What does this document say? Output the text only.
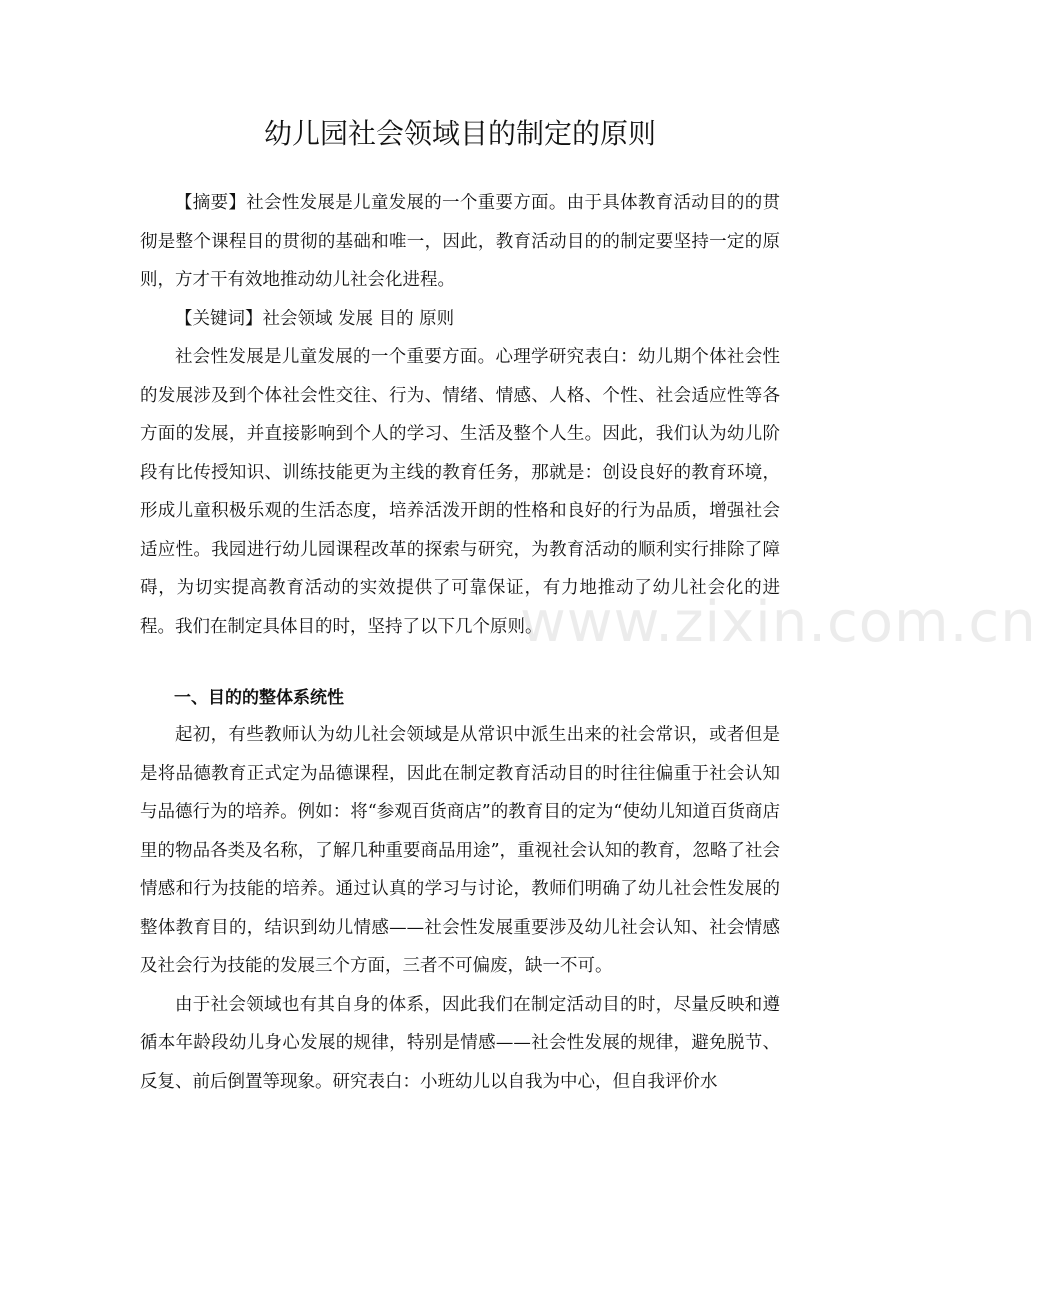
幼儿园社会领域目的制定的原则

【摘要】社会性发展是儿童发展的一个重要方面。由于具体教育活动目的的贯彻是整个课程目的贯彻的基础和唯一，因此，教育活动目的的制定要坚持一定的原则，方才干有效地推动幼儿社会化进程。

【关键词】社会领域 发展 目的 原则

社会性发展是儿童发展的一个重要方面。心理学研究表白：幼儿期个体社会性的发展涉及到个体社会性交往、行为、情绪、情感、人格、个性、社会适应性等各方面的发展，并直接影响到个人的学习、生活及整个人生。因此，我们认为幼儿阶段有比传授知识、训练技能更为主线的教育任务，那就是：创设良好的教育环境，形成儿童积极乐观的生活态度，培养活泼开朗的性格和良好的行为品质，增强社会适应性。我园进行幼儿园课程改革的探索与研究，为教育活动的顺利实行排除了障碍，为切实提高教育活动的实效提供了可靠保证，有力地推动了幼儿社会化的进程。我们在制定具体目的时，坚持了以下几个原则。

一、目的的整体系统性

起初，有些教师认为幼儿社会领域是从常识中派生出来的社会常识，或者但是是将品德教育正式定为品德课程，因此在制定教育活动目的时往往偏重于社会认知与品德行为的培养。例如：将“参观百货商店”的教育目的定为“使幼儿知道百货商店里的物品各类及名称，了解几种重要商品用途”，重视社会认知的教育，忽略了社会情感和行为技能的培养。通过认真的学习与讨论，教师们明确了幼儿社会性发展的整体教育目的，结识到幼儿情感——社会性发展重要涉及幼儿社会认知、社会情感及社会行为技能的发展三个方面，三者不可偏废，缺一不可。

由于社会领域也有其自身的体系，因此我们在制定活动目的时，尽量反映和遵循本年龄段幼儿身心发展的规律，特别是情感——社会性发展的规律，避免脱节、反复、前后倒置等现象。研究表白：小班幼儿以自我为中心，但自我评价水

www.zixin.com.cn
